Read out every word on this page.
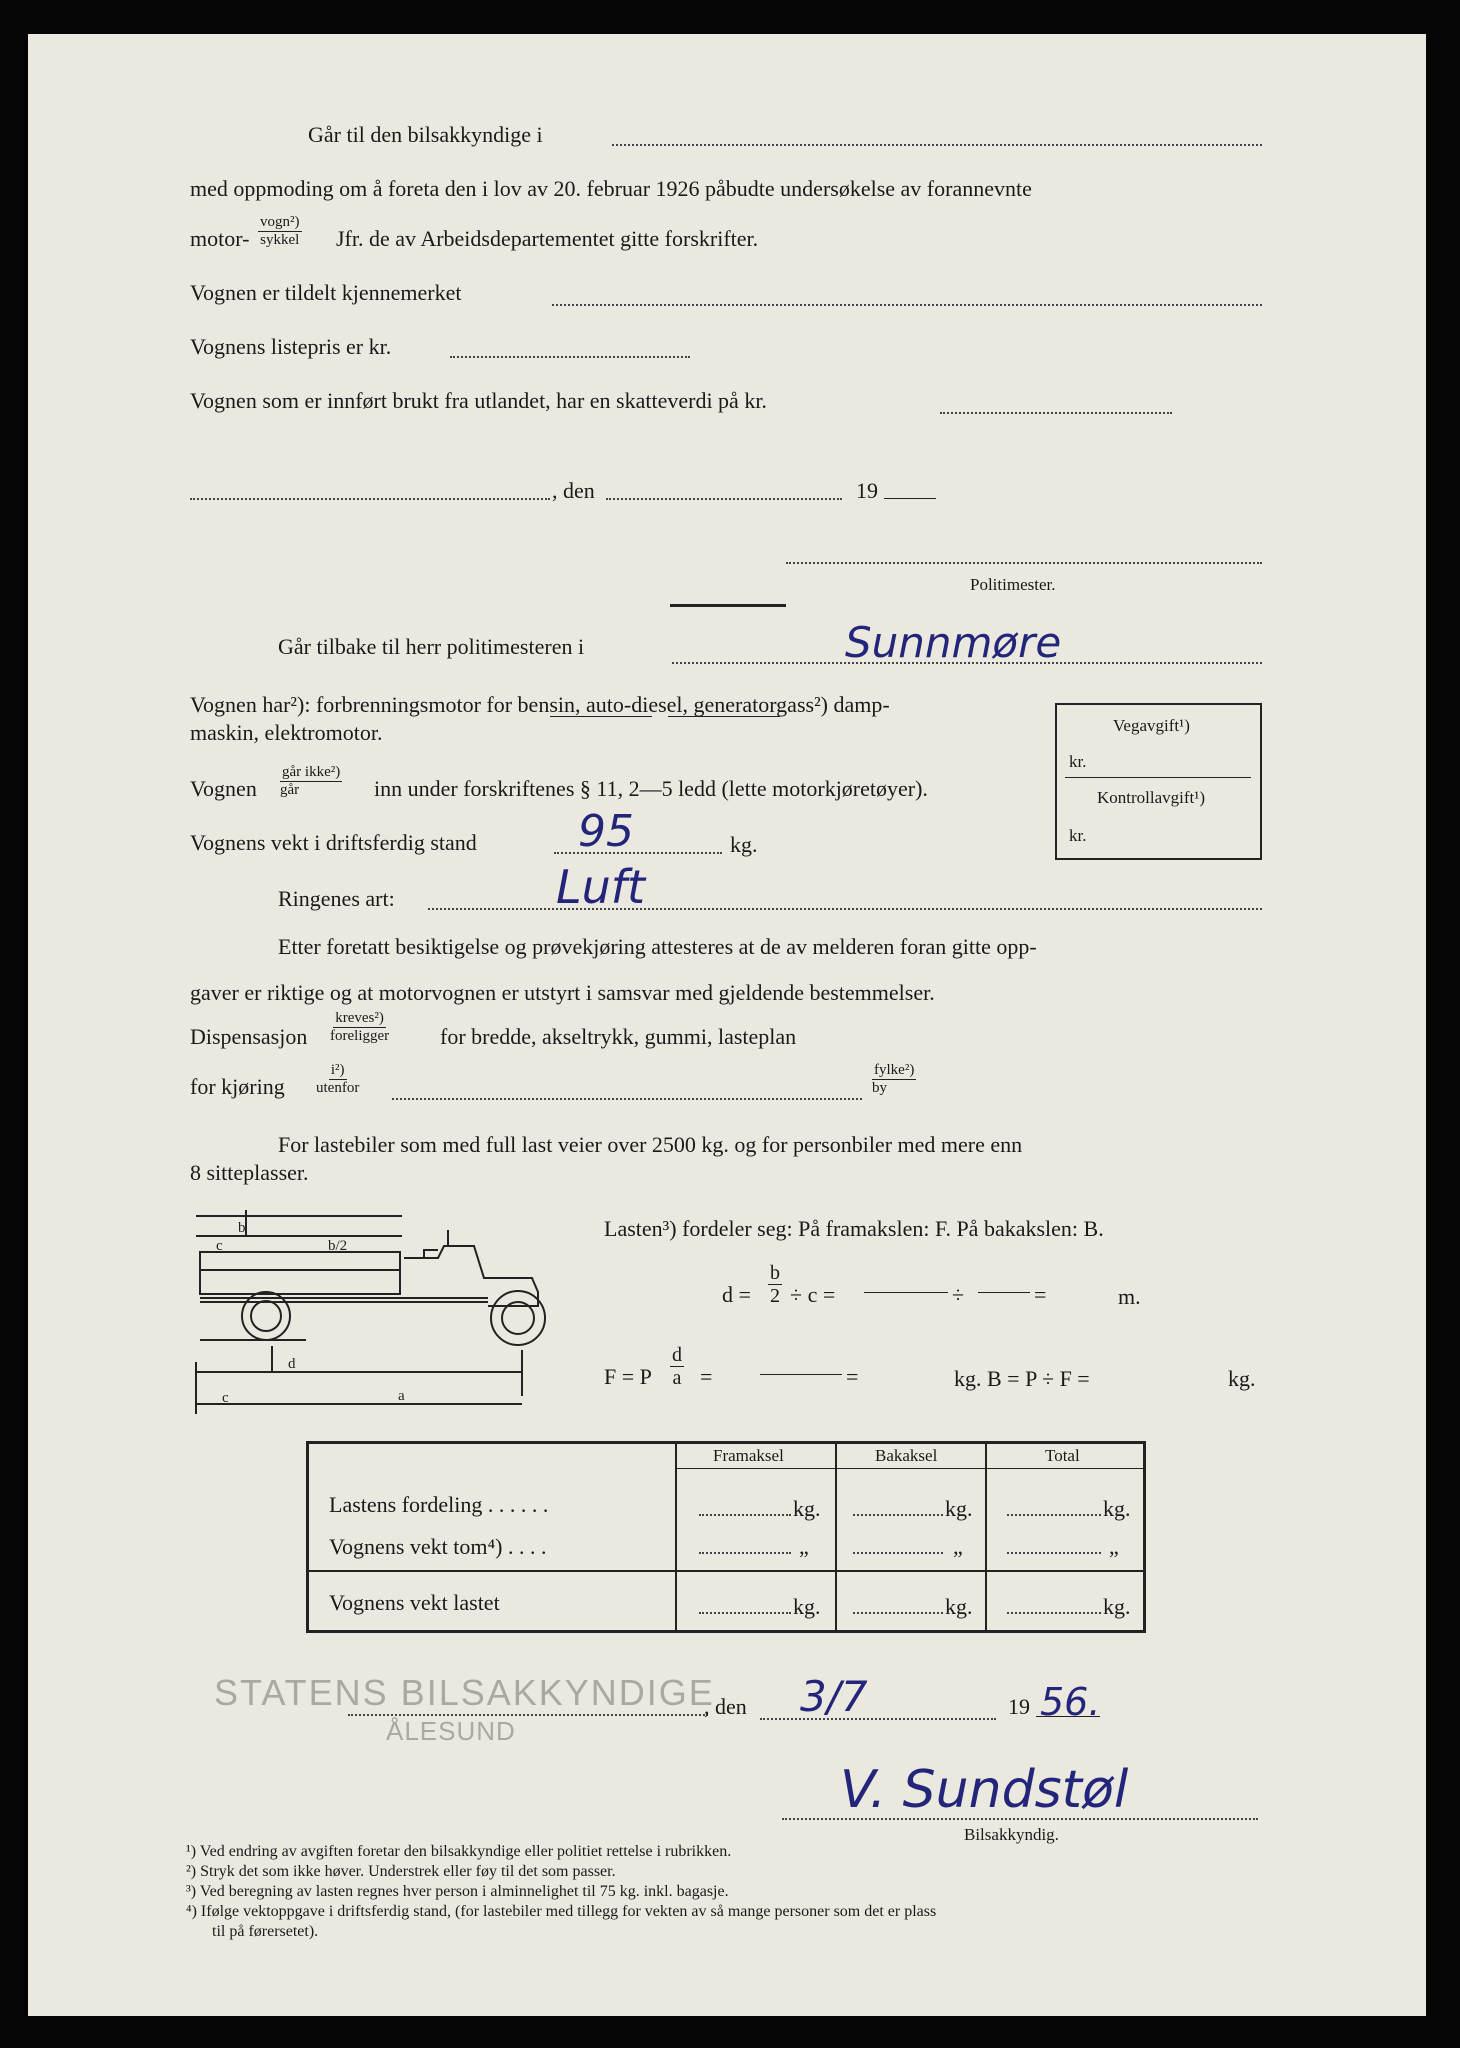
Går til den bilsakkyndige i
med oppmoding om å foreta den i lov av 20. februar 1926 påbudte undersøkelse av forannevnte
motor-
vogn²)
sykkel Jfr. de av Arbeidsdepartementet gitte forskrifter.
Vognen er tildelt kjennemerket
Vognens listepris er kr.
Vognen som er innført brukt fra utlandet, har en skatteverdi på kr.
, den	19
Politimester.
Går tilbake til herr politimesteren i	Sunnmøre
Vognen har²): forbrenningsmotor for bensin, auto-diesel, generatorgass²) damp-
maskin, elektromotor.	Vegavgift¹)
kr.
Kontrollavgift¹)
kr.
Vognen
går ikke²)
går	inn under forskriftenes § 11, 2—5 ledd (lette motorkjøretøyer).
Vognens vekt i driftsferdig stand 95	kg.
Ringenes art:	Luft
Etter foretatt besiktigelse og prøvekjøring attesteres at de av melderen foran gitte opp-
gaver er riktige og at motorvognen er utstyrt i samsvar med gjeldende bestemmelser.
Dispensasjon
kreves²)
foreligger for bredde, akseltrykk, gummi, lasteplan
for kjøring
i²)
utenfor
fylke²)
by
For lastebiler som med full last veier over 2500 kg. og for personbiler med mere enn
8 sitteplasser.
b
b/2
c
d
c	a
Lasten³) fordeler seg: På framakslen: F. På bakakslen: B.
$d = \frac{b}{2} \div c$ =	÷	=	m.
F = P $\frac{d}{a}$ =	=	kg. B = P ÷ F =	kg.
Framaksel	Bakaksel	Total
Lastens fordeling . . . . . .	kg.	kg.	kg.
Vognens vekt tom⁴) . . . .	„	„	„
Vognens vekt lastet	kg.	kg.	kg.
STATENS BILSAKKYNDIGE
ÅLESUND
, den 3/7	19 56.
V. Sundstøl
Bilsakkyndig.
¹) Ved endring av avgiften foretar den bilsakkyndige eller politiet rettelse i rubrikken.
²) Stryk det som ikke høver. Understrek eller føy til det som passer.
³) Ved beregning av lasten regnes hver person i alminnelighet til 75 kg. inkl. bagasje.
⁴) Ifølge vektoppgave i driftsferdig stand, (for lastebiler med tillegg for vekten av så mange personer som det er plass
til på førersetet).
